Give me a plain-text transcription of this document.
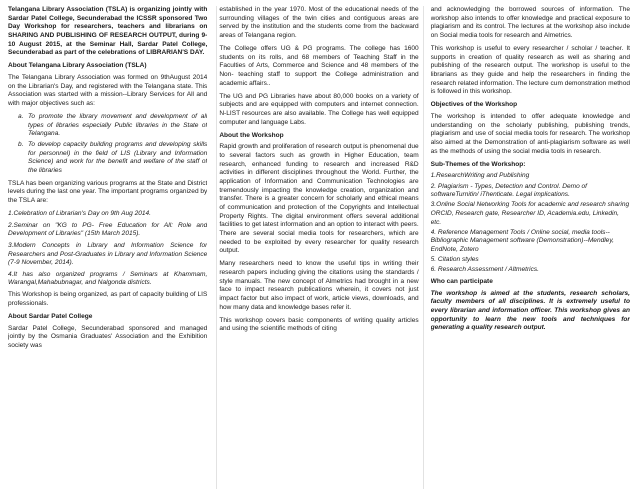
Telangana Library Association (TSLA) is organizing jointly with Sardar Patel College, Secunderabad the ICSSR sponsored Two Day Workshop for researchers, teachers and librarians on SHARING AND PUBLISHING OF RESEARCH OUTPUT, during 9-10 August 2015, at the Seminar Hall, Sardar Patel College, Secunderabad as part of the celebrations of LIBRARIAN'S DAY.

About Telangana Library Association (TSLA)

The Telangana Library Association was formed on 9thAugust 2014 on the Librarian's Day, and registered with the Telangana state. This Association was started with a mission--Library Services for All and with major objectives such as:

a. To promote the library movement and development of all types of libraries especially Public libraries in the State of Telangana.
b. To develop capacity building programs and developing skills for personnel) in the field of LIS (Library and Information Science) and work for the benefit and welfare of the staff of the libraries

TSLA has been organizing various programs at the State and District levels during the last one year. The important programs organized by the TSLA are:

1.Celebration of Librarian's Day on 9th Aug 2014.

2.Seminar on "KG to PG- Free Education for All: Role and Development of Libraries" (15th March 2015).

3.Modern Concepts in Library and Information Science for Researchers and Post-Graduates in Library and Information Science (7-9 November, 2014).

4.It has also organized programs / Seminars at Khammam, Warangal,Mahabubnagar, and Nalgonda districts.

This Workshop is being organized, as part of capacity building of LIS professionals.

About Sardar Patel College

Sardar Patel College, Secunderabad sponsored and managed jointly by the Osmania Graduates' Association and the Exhibition society was

established in the year 1970. Most of the educational needs of the surrounding villages of the twin cities and contiguous areas are served by the institution and the students come from the backward areas of Telangana region.

The College offers UG & PG programs. The college has 1600 students on its rolls, and 68 members of Teaching Staff in the Faculties of Arts, Commerce and Science and 48 members of the Non- teaching staff to support the College administration and academic affairs..

The UG and PG Libraries have about 80,000 books on a variety of subjects and are equipped with computers and internet connection. N-LIST resources are also available. The College has well equipped computer and language Labs.

About the Workshop

Rapid growth and proliferation of research output is phenomenal due to several factors such as growth in Higher Education, team research, enhanced funding to research and increased R&D activities in different disciplines throughout the World. Further, the application of Information and Communication Technologies are tremendously impacting the knowledge creation, organization and transfer. There is a greater concern for scholarly and ethical means of communication and protection of the Copyrights and Intellectual Property Rights. The digital environment offers several additional facilities to get latest information and an option to interact with peers. There are several social media tools for researchers, which are needed to be exploited by every researcher for quality research output.

Many researchers need to know the useful tips in writing their research papers including giving the citations using the standards / style manuals. The new concept of Almetrics had brought in a new face to impact research publications wherein, it covers not just impact factor but also impact of work, article views, downloads, and how many data and knowledge bases refer it.

This workshop covers basic components of writing quality articles and using the scientific methods of citing

and acknowledging the borrowed sources of information. The workshop also intends to offer knowledge and practical exposure to plagiarism and its control. The lectures at the workshop also include on Social media tools for research and Almetrics.

This workshop is useful to every researcher / scholar / teacher. It supports in creation of quality research as well as sharing and publishing of the research output. The workshop is useful to the librarians as they guide and help the researchers in finding the research related information. The lecture cum demonstration method is followed in this workshop.

Objectives of the Workshop

The workshop is intended to offer adequate knowledge and understanding on the scholarly publishing, publishing trends, plagiarism and use of social media tools for research. The workshop also aimed at the Demonstration of anti-plagiarism software as well as the methods of using the social media tools in research.

Sub-Themes of the Workshop:

1.ResearchWriting and Publishing

2. Plagiarism - Types, Detection and Control. Demo of softwareTurnitin/ iThenticate. Legal implications.

3.Online Social Networking Tools for academic and research sharing ORCID, Research gate, Researcher ID, Academia.edu, Linkedin, etc.

4. Reference Management Tools / Online social, media tools--Bibliographic Management software (Demonstration)--Mendley, EndNote, Zotero

5. Citation styles

6. Research Assessment / Altmetrics.

Who can participate

The workshop is aimed at the students, research scholars, faculty members of all disciplines. It is extremely useful to every librarian and information officer. This workshop gives an opportunity to learn the new tools and techniques for generating a quality research output.
